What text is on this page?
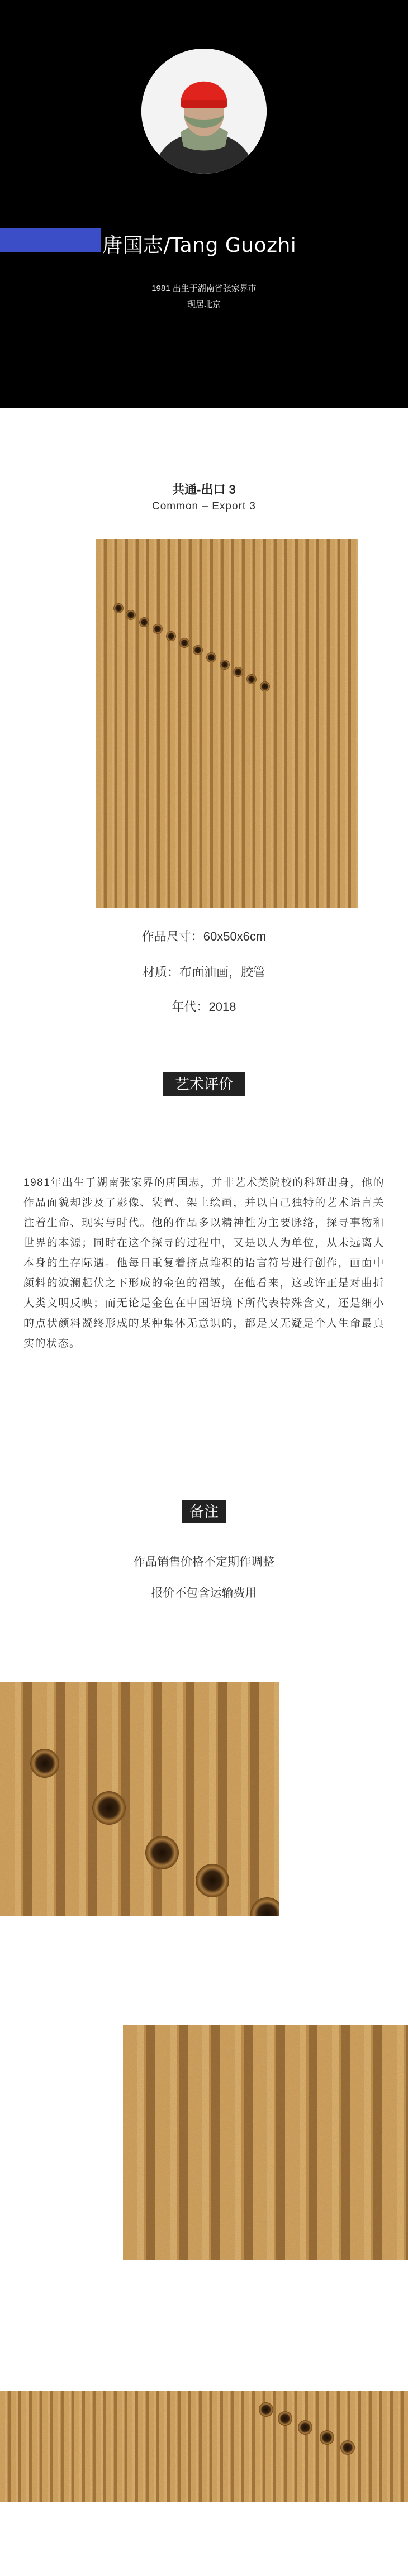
唐国志/Tang Guozhi
1981 出生于湖南省张家界市
现居北京
共通-出口 3
Common – Export 3
作品尺寸：60x50x6cm
材质：布面油画，胶管
年代：2018
艺术评价
1981年出生于湖南张家界的唐国志，并非艺术类院校的科班出身，他的作品面貌却涉及了影像、装置、架上绘画，并以自己独特的艺术语言关注着生命、现实与时代。他的作品多以精神性为主要脉络，探寻事物和世界的本源；同时在这个探寻的过程中，又是以人为单位，从未远离人本身的生存际遇。他每日重复着挤点堆积的语言符号进行创作，画面中颜料的波澜起伏之下形成的金色的褶皱，在他看来，这或许正是对曲折人类文明反映；而无论是金色在中国语境下所代表特殊含义，还是细小的点状颜料凝终形成的某种集体无意识的，都是又无疑是个人生命最真实的状态。
备注
作品销售价格不定期作调整
报价不包含运输费用
